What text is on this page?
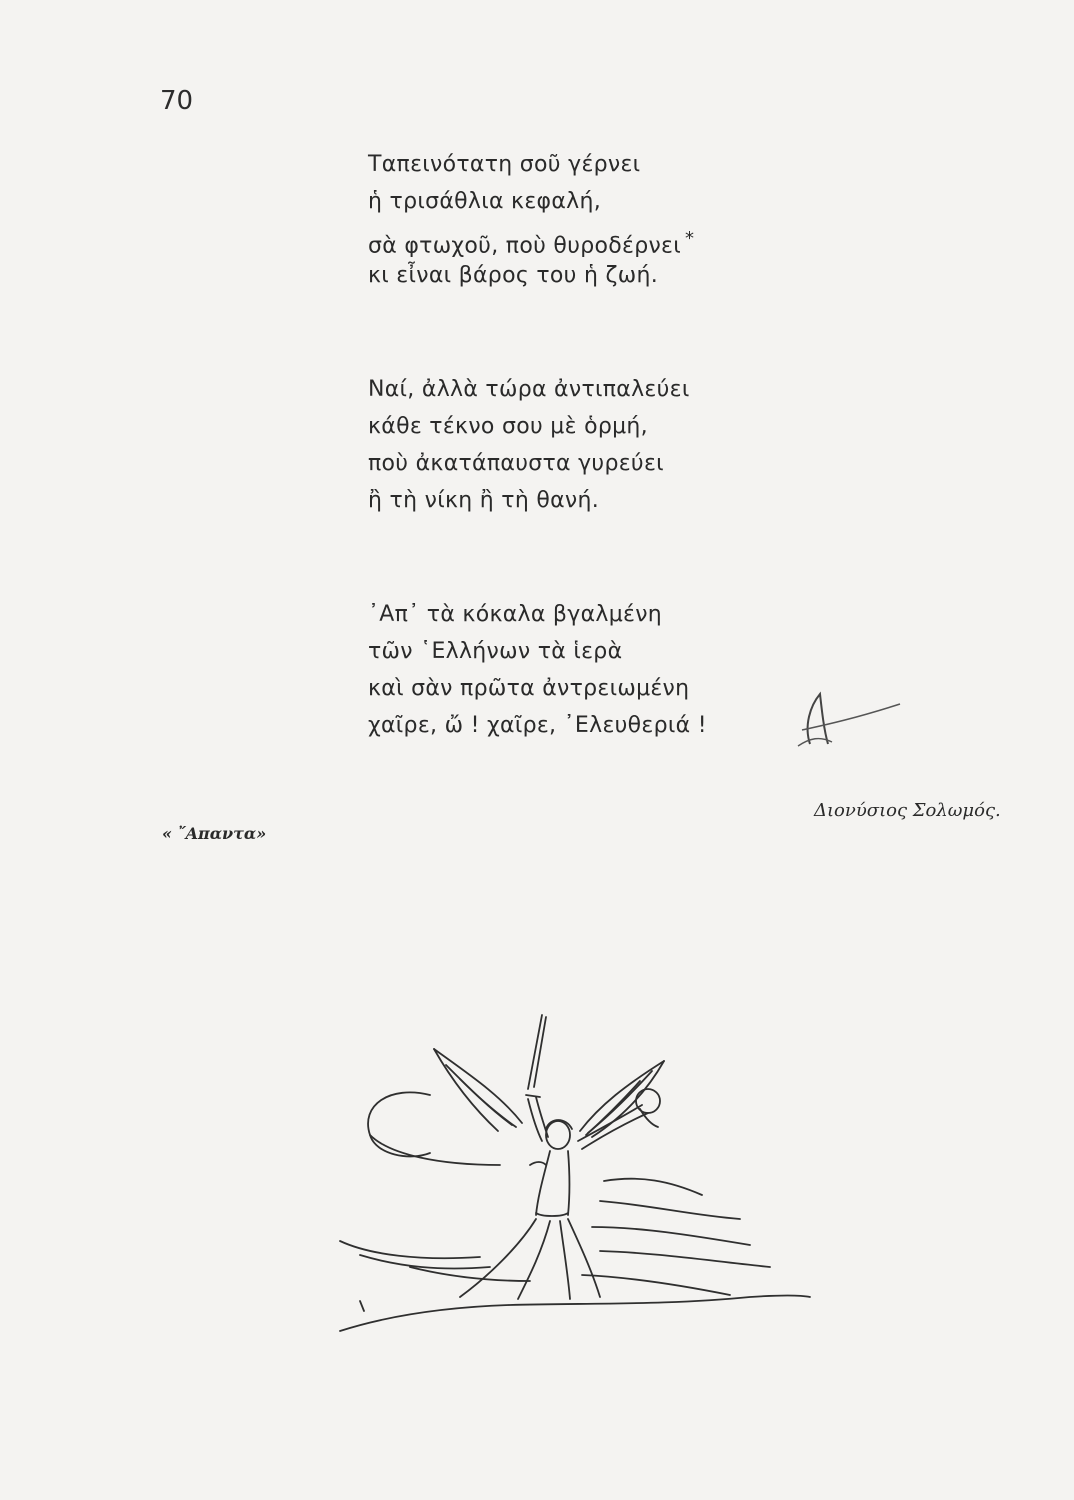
70
Ταπεινότατη σοῦ γέρνει
ἡ τρισάθλια κεφαλή,
σὰ φτωχοῦ, ποὺ θυροδέρνει *
κι εἶναι βάρος του ἡ ζωή.
Ναί, ἀλλὰ τώρα ἀντιπαλεύει
κάθε τέκνο σου μὲ ὁρμή,
ποὺ ἀκατάπαυστα γυρεύει
ἢ τὴ νίκη ἢ τὴ θανή.
᾿Απ᾿ τὰ κόκαλα βγαλμένη
τῶν ῾Ελλήνων τὰ ἱερὰ
καὶ σὰν πρῶτα ἀντρειωμένη
χαῖρε, ὤ ! χαῖρε, ᾿Ελευθεριά !
Διονύσιος Σολωμός.
« ῎Απαντα»
